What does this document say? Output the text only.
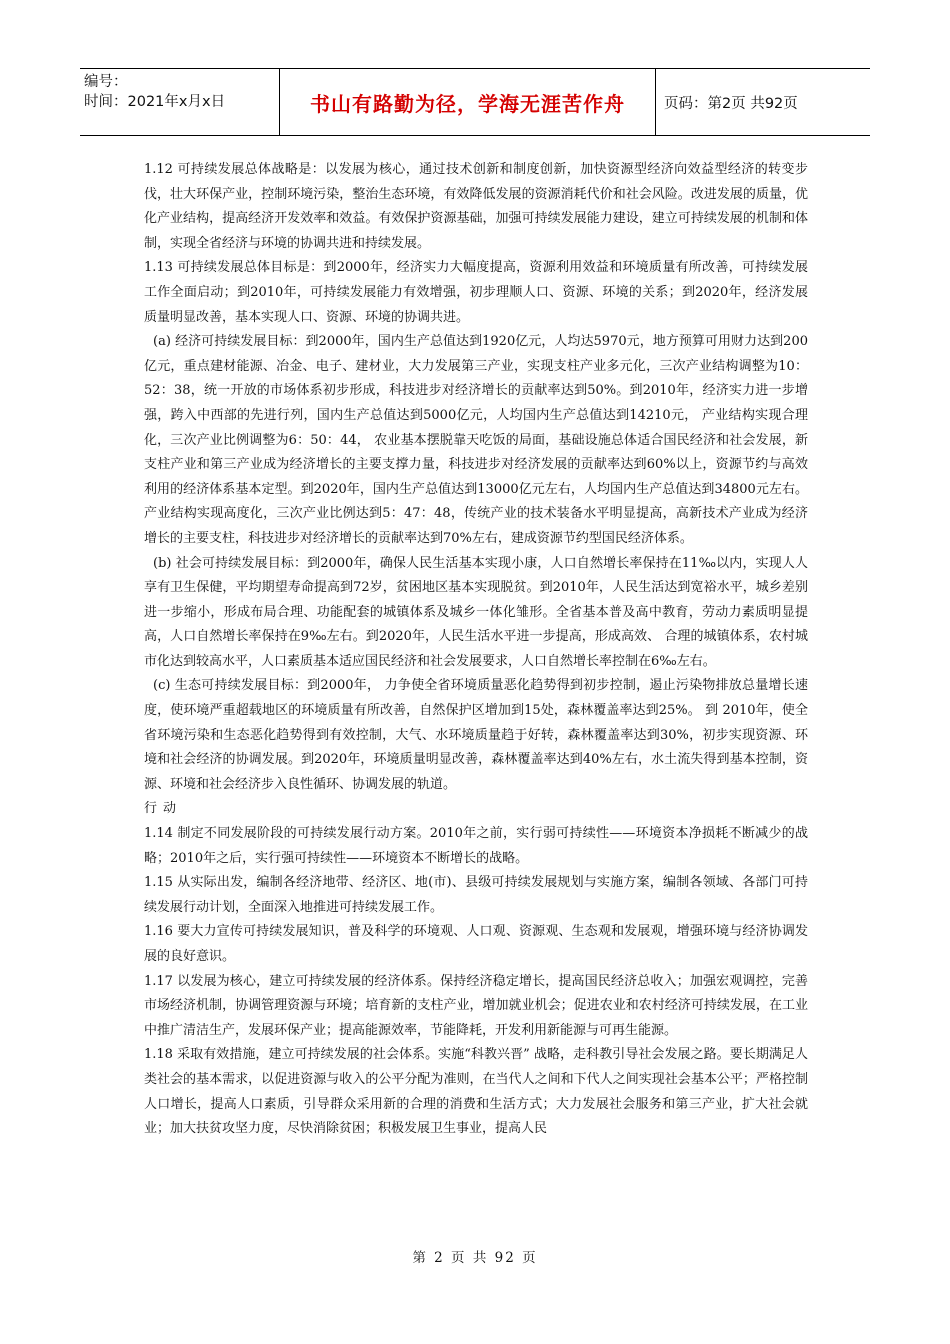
编号：
时间：2021年x月x日	书山有路勤为径，学海无涯苦作舟	页码：第2页 共92页

1.12 可持续发展总体战略是：以发展为核心，通过技术创新和制度创新，加快资源型经济向效益型经济的转变步伐，壮大环保产业，控制环境污染，整治生态环境，有效降低发展的资源消耗代价和社会风险。改进发展的质量，优化产业结构，提高经济开发效率和效益。有效保护资源基础，加强可持续发展能力建设，建立可持续发展的机制和体制，实现全省经济与环境的协调共进和持续发展。

1.13 可持续发展总体目标是：到2000年，经济实力大幅度提高，资源利用效益和环境质量有所改善，可持续发展工作全面启动；到2010年，可持续发展能力有效增强，初步理顺人口、资源、环境的关系；到2020年，经济发展质量明显改善，基本实现人口、资源、环境的协调共进。

(a) 经济可持续发展目标：到2000年，国内生产总值达到1920亿元，人均达5970元，地方预算可用财力达到200亿元，重点建材能源、冶金、电子、建材业，大力发展第三产业，实现支柱产业多元化，三次产业结构调整为10：52：38，统一开放的市场体系初步形成，科技进步对经济增长的贡献率达到50%。到2010年，经济实力进一步增强，跨入中西部的先进行列，国内生产总值达到5000亿元，人均国内生产总值达到14210元， 产业结构实现合理化，三次产业比例调整为6：50：44， 农业基本摆脱靠天吃饭的局面，基础设施总体适合国民经济和社会发展，新支柱产业和第三产业成为经济增长的主要支撑力量，科技进步对经济发展的贡献率达到60%以上，资源节约与高效利用的经济体系基本定型。到2020年，国内生产总值达到13000亿元左右，人均国内生产总值达到34800元左右。产业结构实现高度化，三次产业比例达到5：47：48，传统产业的技术装备水平明显提高，高新技术产业成为经济增长的主要支柱，科技进步对经济增长的贡献率达到70%左右，建成资源节约型国民经济体系。

(b) 社会可持续发展目标：到2000年，确保人民生活基本实现小康，人口自然增长率保持在11‰以内，实现人人享有卫生保健，平均期望寿命提高到72岁，贫困地区基本实现脱贫。到2010年，人民生活达到宽裕水平，城乡差别进一步缩小，形成布局合理、功能配套的城镇体系及城乡一体化雏形。全省基本普及高中教育，劳动力素质明显提高，人口自然增长率保持在9‰左右。到2020年，人民生活水平进一步提高，形成高效、 合理的城镇体系，农村城市化达到较高水平，人口素质基本适应国民经济和社会发展要求，人口自然增长率控制在6‰左右。

(c) 生态可持续发展目标：到2000年， 力争使全省环境质量恶化趋势得到初步控制，遏止污染物排放总量增长速度，使环境严重超载地区的环境质量有所改善，自然保护区增加到15处，森林覆盖率达到25%。 到 2010年，使全省环境污染和生态恶化趋势得到有效控制，大气、水环境质量趋于好转，森林覆盖率达到30%，初步实现资源、环境和社会经济的协调发展。到2020年，环境质量明显改善，森林覆盖率达到40%左右，水土流失得到基本控制，资源、环境和社会经济步入良性循环、协调发展的轨道。

行动

1.14 制定不同发展阶段的可持续发展行动方案。2010年之前，实行弱可持续性——环境资本净损耗不断减少的战略；2010年之后，实行强可持续性——环境资本不断增长的战略。

1.15 从实际出发，编制各经济地带、经济区、地(市)、县级可持续发展规划与实施方案，编制各领域、各部门可持续发展行动计划，全面深入地推进可持续发展工作。

1.16 要大力宣传可持续发展知识，普及科学的环境观、人口观、资源观、生态观和发展观，增强环境与经济协调发展的良好意识。

1.17 以发展为核心，建立可持续发展的经济体系。保持经济稳定增长，提高国民经济总收入；加强宏观调控，完善市场经济机制，协调管理资源与环境；培育新的支柱产业，增加就业机会；促进农业和农村经济可持续发展，在工业中推广清洁生产，发展环保产业；提高能源效率，节能降耗，开发利用新能源与可再生能源。

1.18 采取有效措施，建立可持续发展的社会体系。实施“科教兴晋” 战略，走科教引导社会发展之路。要长期满足人类社会的基本需求，以促进资源与收入的公平分配为准则，在当代人之间和下代人之间实现社会基本公平；严格控制人口增长，提高人口素质，引导群众采用新的合理的消费和生活方式；大力发展社会服务和第三产业，扩大社会就业；加大扶贫攻坚力度，尽快消除贫困；积极发展卫生事业，提高人民

第 2 页 共 92 页
